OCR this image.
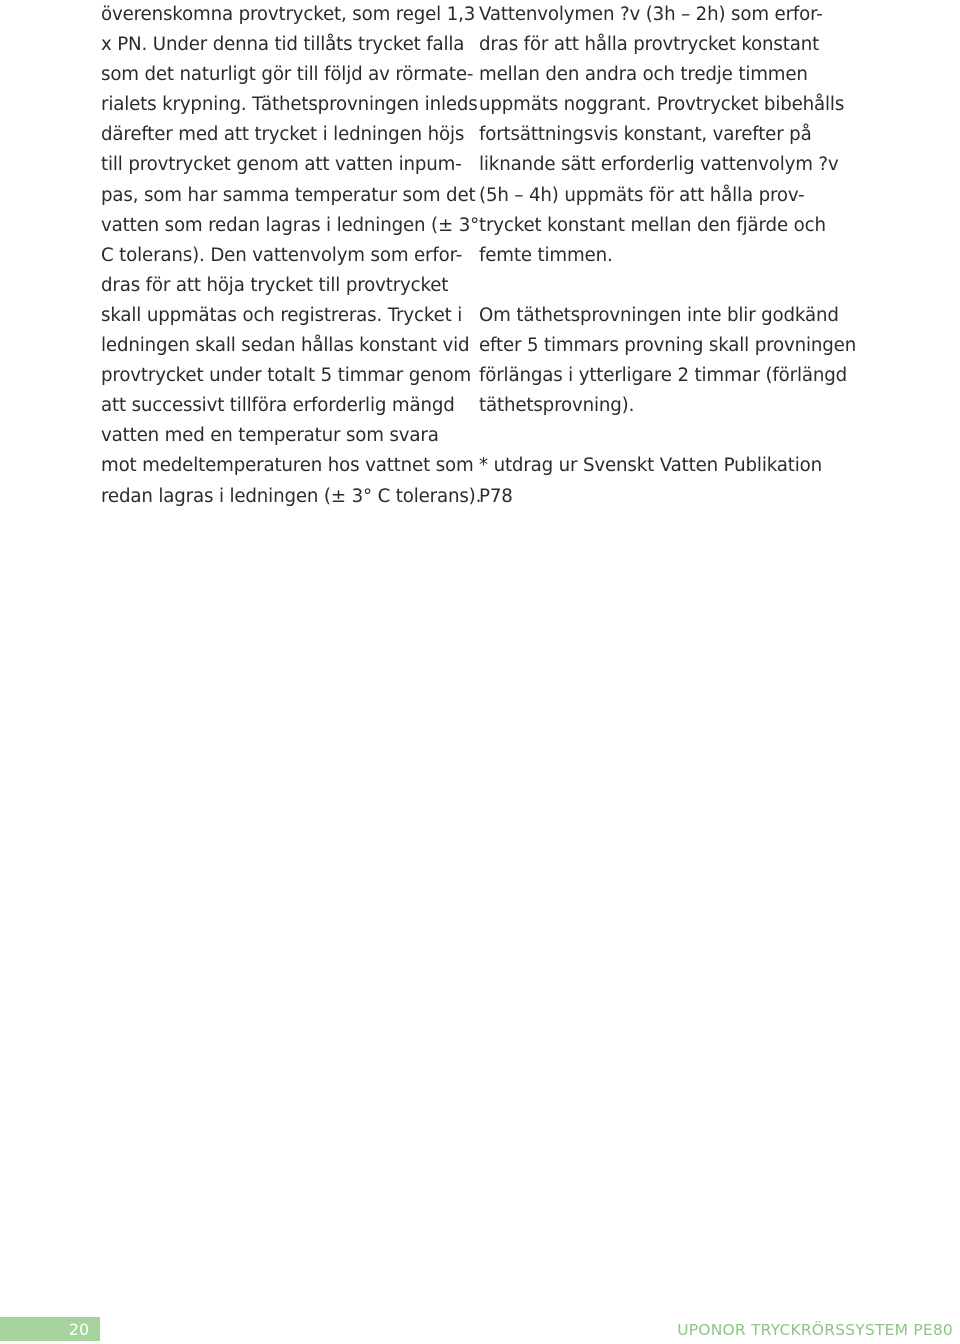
överenskomna provtrycket, som regel 1,3
x PN. Under denna tid tillåts trycket falla
som det naturligt gör till följd av rörmate-
rialets krypning. Täthetsprovningen inleds
därefter med att trycket i ledningen höjs
till provtrycket genom att vatten inpum-
pas, som har samma temperatur som det
vatten som redan lagras i ledningen (± 3°
C tolerans). Den vattenvolym som erfor-
dras för att höja trycket till provtrycket
skall uppmätas och registreras. Trycket i
ledningen skall sedan hållas konstant vid
provtrycket under totalt 5 timmar genom
att successivt tillföra erforderlig mängd
vatten med en temperatur som svara
mot medeltemperaturen hos vattnet som
redan lagras i ledningen (± 3° C tolerans).
Vattenvolymen ?v (3h – 2h) som erfor-
dras för att hålla provtrycket konstant
mellan den andra och tredje timmen
uppmäts noggrant. Provtrycket bibehålls
fortsättningsvis konstant, varefter på
liknande sätt erforderlig vattenvolym ?v
(5h – 4h) uppmäts för att hålla prov-
trycket konstant mellan den fjärde och
femte timmen.
Om täthetsprovningen inte blir godkänd
efter 5 timmars provning skall provningen
förlängas i ytterligare 2 timmar (förlängd
täthetsprovning).
* utdrag ur Svenskt Vatten Publikation
P78
20	UPONOR TRYCKRÖRSSYSTEM PE80
